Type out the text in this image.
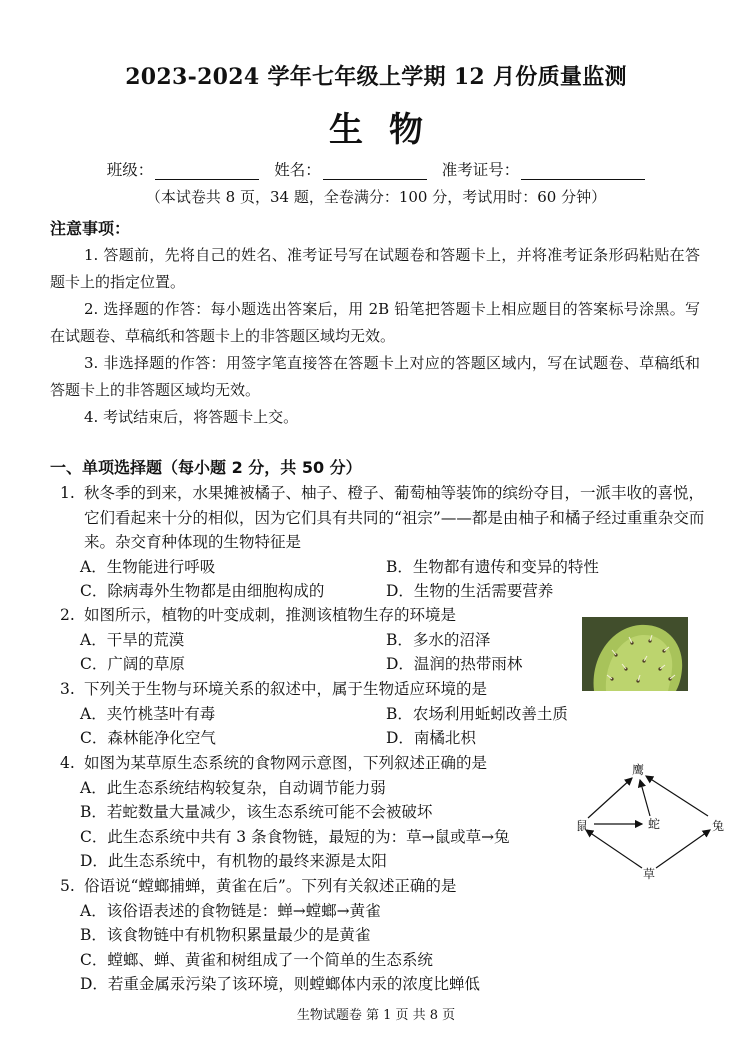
2023-2024 学年七年级上学期 12 月份质量监测
生物
班级：	姓名：	准考证号：
（本试卷共 8 页，34 题，全卷满分：100 分，考试用时：60 分钟）
注意事项：

1. 答题前，先将自己的姓名、准考证号写在试题卷和答题卡上，并将准考证条形码粘贴在答题卡上的指定位置。

2. 选择题的作答：每小题选出答案后，用 2B 铅笔把答题卡上相应题目的答案标号涂黑。写在试题卷、草稿纸和答题卡上的非答题区域均无效。

3. 非选择题的作答：用签字笔直接答在答题卡上对应的答题区域内，写在试题卷、草稿纸和答题卡上的非答题区域均无效。

4. 考试结束后，将答题卡上交。

一、单项选择题（每小题 2 分，共 50 分）
1. 秋冬季的到来，水果摊被橘子、柚子、橙子、葡萄柚等装饰的缤纷夺目，一派丰收的喜悦，它们看起来十分的相似，因为它们具有共同的“祖宗”——都是由柚子和橘子经过重重杂交而来。杂交育种体现的生物特征是
A．生物能进行呼吸	B．生物都有遗传和变异的特性
C．除病毒外生物都是由细胞构成的	D．生物的生活需要营养
2. 如图所示，植物的叶变成刺，推测该植物生存的环境是
A．干旱的荒漠	B．多水的沼泽
C．广阔的草原	D．温润的热带雨林
3. 下列关于生物与环境关系的叙述中，属于生物适应环境的是
A．夹竹桃茎叶有毒	B．农场利用蚯蚓改善土质
C．森林能净化空气	D．南橘北枳
4. 如图为某草原生态系统的食物网示意图，下列叙述正确的是
A．此生态系统结构较复杂，自动调节能力弱
B．若蛇数量大量减少，该生态系统可能不会被破坏
C．此生态系统中共有 3 条食物链，最短的为：草→鼠或草→兔
D．此生态系统中，有机物的最终来源是太阳
鹰
鼠	蛇	兔
草
5. 俗语说“螳螂捕蝉，黄雀在后”。下列有关叙述正确的是
A．该俗语表述的食物链是：蝉→螳螂→黄雀
B．该食物链中有机物积累量最少的是黄雀
C．螳螂、蝉、黄雀和树组成了一个简单的生态系统
D．若重金属汞污染了该环境，则螳螂体内汞的浓度比蝉低
生物试题卷 第 1 页 共 8 页
